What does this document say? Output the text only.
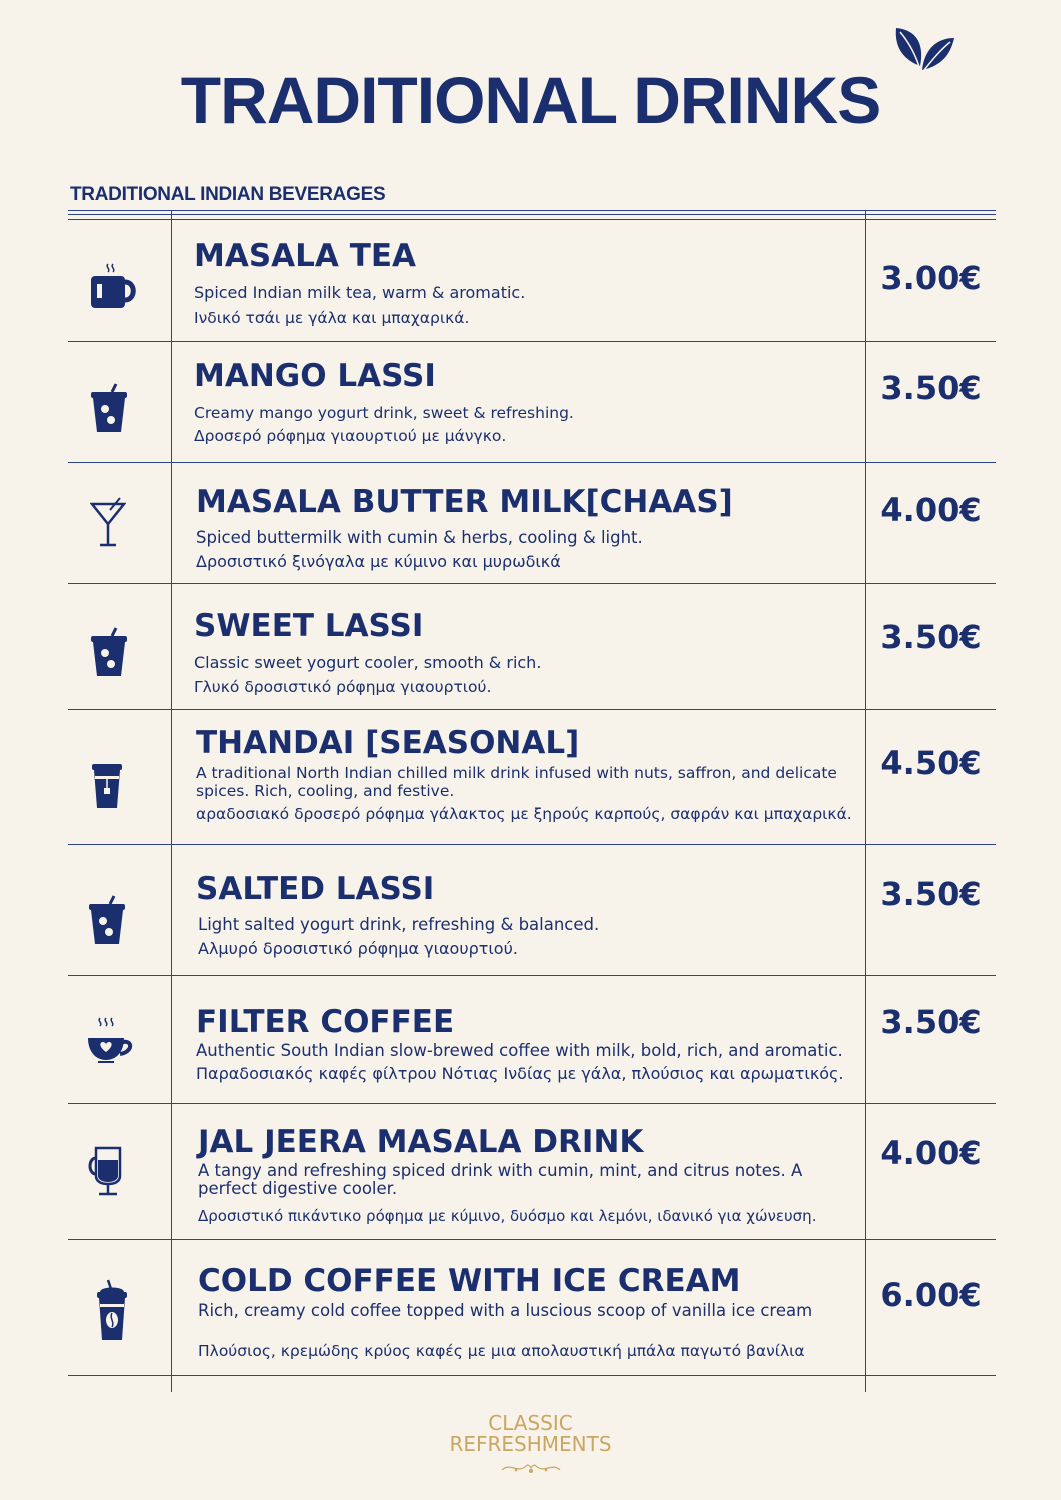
TRADITIONAL DRINKS
TRADITIONAL INDIAN BEVERAGES
MASALA TEA
Spiced Indian milk tea, warm & aromatic.
Ινδικό τσάι με γάλα και μπαχαρικά.
3.00€
MANGO LASSI
Creamy mango yogurt drink, sweet & refreshing.
Δροσερό ρόφημα γιαουρτιού με μάνγκο.
3.50€
MASALA BUTTER MILK[CHAAS]
Spiced buttermilk with cumin & herbs, cooling & light.
Δροσιστικό ξινόγαλα με κύμινο και μυρωδικά
4.00€
SWEET LASSI
Classic sweet yogurt cooler, smooth & rich.
Γλυκό δροσιστικό ρόφημα γιαουρτιού.
3.50€
THANDAI [SEASONAL]
A traditional North Indian chilled milk drink infused with nuts, saffron, and delicate spices. Rich, cooling, and festive.
αραδοσιακό δροσερό ρόφημα γάλακτος με ξηρούς καρπούς, σαφράν και μπαχαρικά.
4.50€
SALTED LASSI
Light salted yogurt drink, refreshing & balanced.
Αλμυρό δροσιστικό ρόφημα γιαουρτιού.
3.50€
FILTER COFFEE
Authentic South Indian slow-brewed coffee with milk, bold, rich, and aromatic.
Παραδοσιακός καφές φίλτρου Νότιας Ινδίας με γάλα, πλούσιος και αρωματικός.
3.50€
JAL JEERA MASALA DRINK
A tangy and refreshing spiced drink with cumin, mint, and citrus notes. A perfect digestive cooler.
Δροσιστικό πικάντικο ρόφημα με κύμινο, δυόσμο και λεμόνι, ιδανικό για χώνευση.
4.00€
COLD COFFEE WITH ICE CREAM
Rich, creamy cold coffee topped with a luscious scoop of vanilla ice cream
Πλούσιος, κρεμώδης κρύος καφές με μια απολαυστική μπάλα παγωτό βανίλια
6.00€
CLASSIC
REFRESHMENTS
